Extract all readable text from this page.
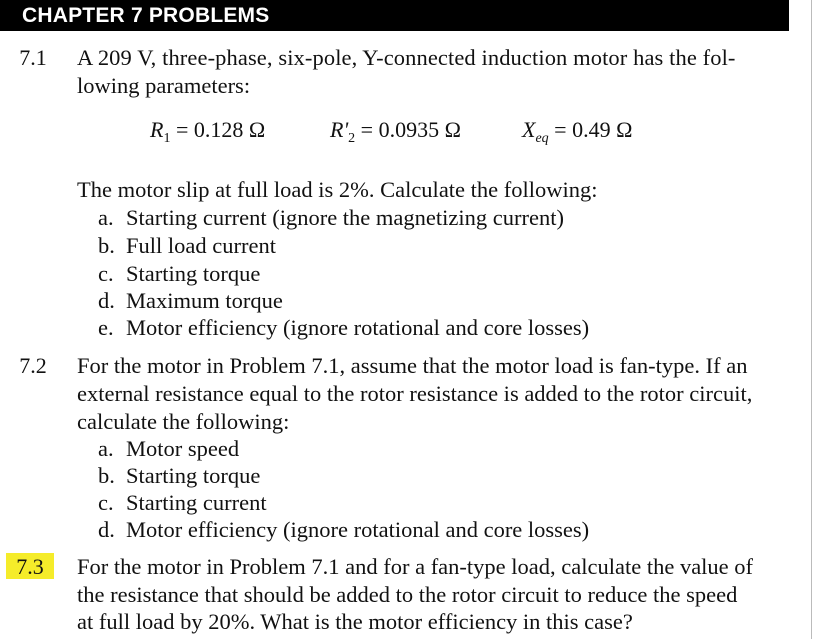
CHAPTER 7 PROBLEMS
7.1	A 209 V, three-phase, six-pole, Y-connected induction motor has the fol-
lowing parameters:
$R_1 = 0.128$ Ω	$R'_2 = 0.0935$ Ω	$X_{eq} = 0.49$ Ω
The motor slip at full load is 2%. Calculate the following:
a. Starting current (ignore the magnetizing current)
b. Full load current
c. Starting torque
d. Maximum torque
e. Motor efficiency (ignore rotational and core losses)
7.2	For the motor in Problem 7.1, assume that the motor load is fan-type. If an
external resistance equal to the rotor resistance is added to the rotor circuit,
calculate the following:
a. Motor speed
b. Starting torque
c. Starting current
d. Motor efficiency (ignore rotational and core losses)
7.3	For the motor in Problem 7.1 and for a fan-type load, calculate the value of
the resistance that should be added to the rotor circuit to reduce the speed
at full load by 20%. What is the motor efficiency in this case?
